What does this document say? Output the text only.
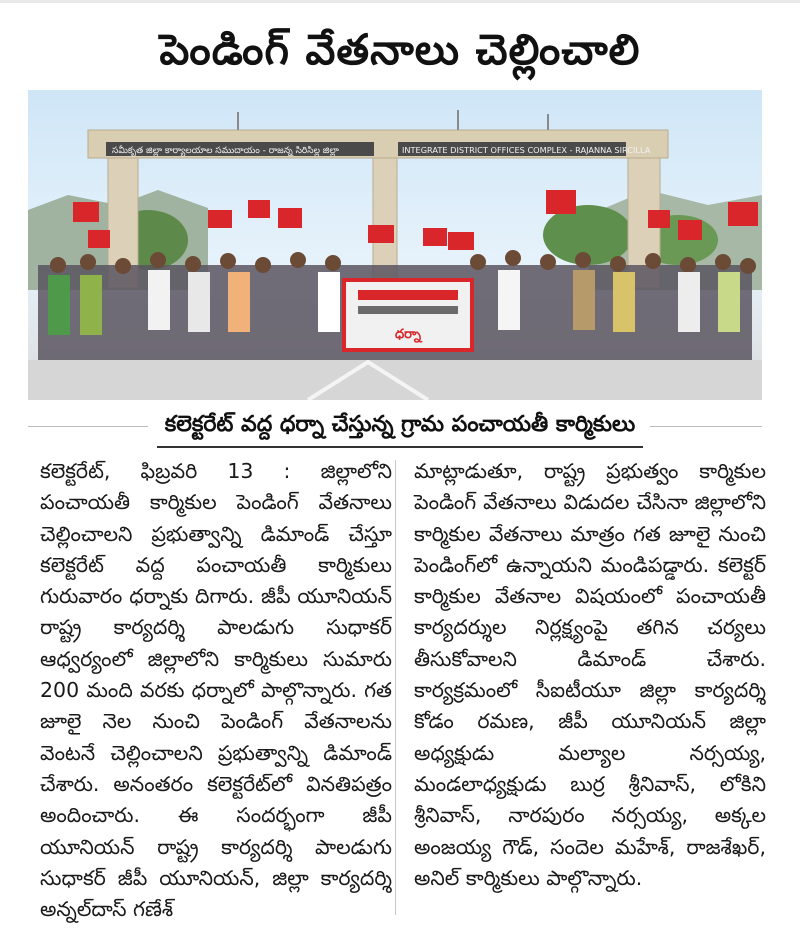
పెండింగ్ వేతనాలు చెల్లించాలి
సమీకృత జిల్లా కార్యాలయాల సముదాయం - రాజన్న సిరిసిల్ల జిల్లా	INTEGRATE DISTRICT OFFICES COMPLEX - RAJANNA SIRCILLA
ధర్నా
కలెక్టరేట్ వద్ద ధర్నా చేస్తున్న గ్రామ పంచాయతీ కార్మికులు

కలెక్టరేట్, ఫిబ్రవరి 13 : జిల్లాలోని పంచాయతీ కార్మికుల పెండింగ్ వేతనాలు చెల్లించాలని ప్రభుత్వాన్ని డిమాండ్ చేస్తూ కలెక్టరేట్ వద్ద పంచాయతీ కార్మికులు గురువారం ధర్నాకు దిగారు. జీపీ యూనియన్ రాష్ట్ర కార్యదర్శి పాలడుగు సుధాకర్ ఆధ్వర్యంలో జిల్లాలోని కార్మికులు సుమారు 200 మంది వరకు ధర్నాలో పాల్గొన్నారు. గత జూలై నెల నుంచి పెండింగ్ వేతనాలను వెంటనే చెల్లించాలని ప్రభుత్వాన్ని డిమాండ్ చేశారు. అనంతరం కలెక్టరేట్‌లో వినతిపత్రం అందించారు. ఈ సందర్భంగా జీపీ యూనియన్ రాష్ట్ర కార్యదర్శి పాలడుగు సుధాకర్ జీపీ యూనియన్, జిల్లా కార్యదర్శి అన్నల్‌దాస్ గణేశ్

మాట్లాడుతూ, రాష్ట్ర ప్రభుత్వం కార్మికుల పెండింగ్ వేతనాలు విడుదల చేసినా జిల్లాలోని కార్మికుల వేతనాలు మాత్రం గత జూలై నుంచి పెండింగ్‌లో ఉన్నాయని మండిపడ్డారు. కలెక్టర్ కార్మికుల వేతనాల విషయంలో పంచాయతీ కార్యదర్శుల నిర్లక్ష్యంపై తగిన చర్యలు తీసుకోవాలని డిమాండ్ చేశారు. కార్యక్రమంలో సీఐటీయూ జిల్లా కార్యదర్శి కోడం రమణ, జీపీ యూనియన్ జిల్లా అధ్యక్షుడు మల్యాల నర్సయ్య, మండలాధ్యక్షుడు బుర్ర శ్రీనివాస్, లోకిని శ్రీనివాస్, నారపురం నర్సయ్య, అక్కల అంజయ్య గౌడ్, సందెల మహేశ్, రాజశేఖర్, అనిల్ కార్మికులు పాల్గొన్నారు.
